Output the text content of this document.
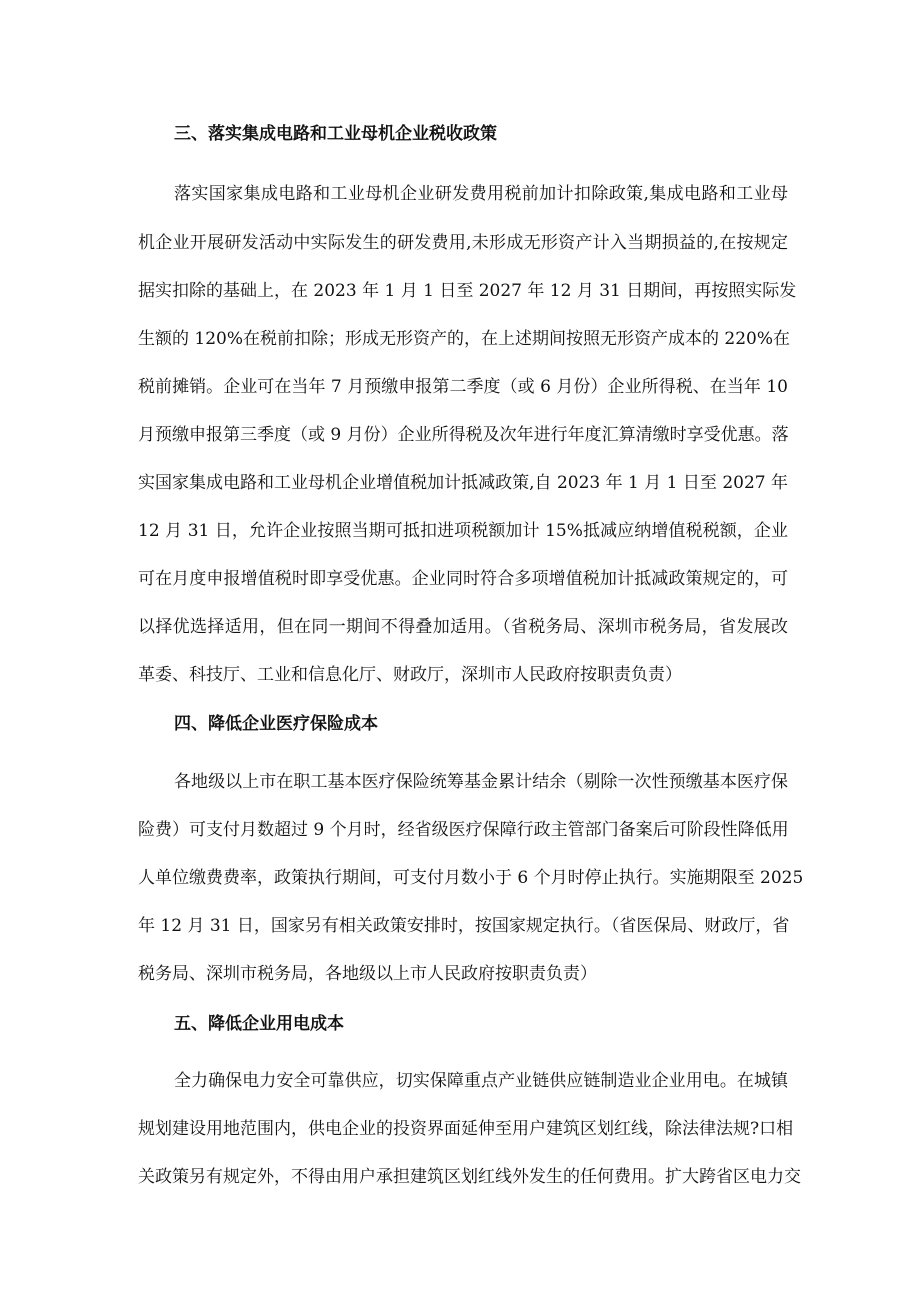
三、落实集成电路和工业母机企业税收政策
落实国家集成电路和工业母机企业研发费用税前加计扣除政策,集成电路和工业母
机企业开展研发活动中实际发生的研发费用,未形成无形资产计入当期损益的,在按规定
据实扣除的基础上，在 2023 年 1 月 1 日至 2027 年 12 月 31 日期间，再按照实际发
生额的 120%在税前扣除；形成无形资产的，在上述期间按照无形资产成本的 220%在
税前摊销。企业可在当年 7 月预缴申报第二季度（或 6 月份）企业所得税、在当年 10
月预缴申报第三季度（或 9 月份）企业所得税及次年进行年度汇算清缴时享受优惠。落
实国家集成电路和工业母机企业增值税加计抵减政策,自 2023 年 1 月 1 日至 2027 年
12 月 31 日，允许企业按照当期可抵扣进项税额加计 15%抵减应纳增值税税额，企业
可在月度申报增值税时即享受优惠。企业同时符合多项增值税加计抵减政策规定的，可
以择优选择适用，但在同一期间不得叠加适用。（省税务局、深圳市税务局，省发展改
革委、科技厅、工业和信息化厅、财政厅，深圳市人民政府按职责负责）
四、降低企业医疗保险成本
各地级以上市在职工基本医疗保险统筹基金累计结余（剔除一次性预缴基本医疗保
险费）可支付月数超过 9 个月时，经省级医疗保障行政主管部门备案后可阶段性降低用
人单位缴费费率，政策执行期间，可支付月数小于 6 个月时停止执行。实施期限至 2025
年 12 月 31 日，国家另有相关政策安排时，按国家规定执行。（省医保局、财政厅，省
税务局、深圳市税务局，各地级以上市人民政府按职责负责）
五、降低企业用电成本
全力确保电力安全可靠供应，切实保障重点产业链供应链制造业企业用电。在城镇
规划建设用地范围内，供电企业的投资界面延伸至用户建筑区划红线，除法律法规?口相
关政策另有规定外，不得由用户承担建筑区划红线外发生的任何费用。扩大跨省区电力交
